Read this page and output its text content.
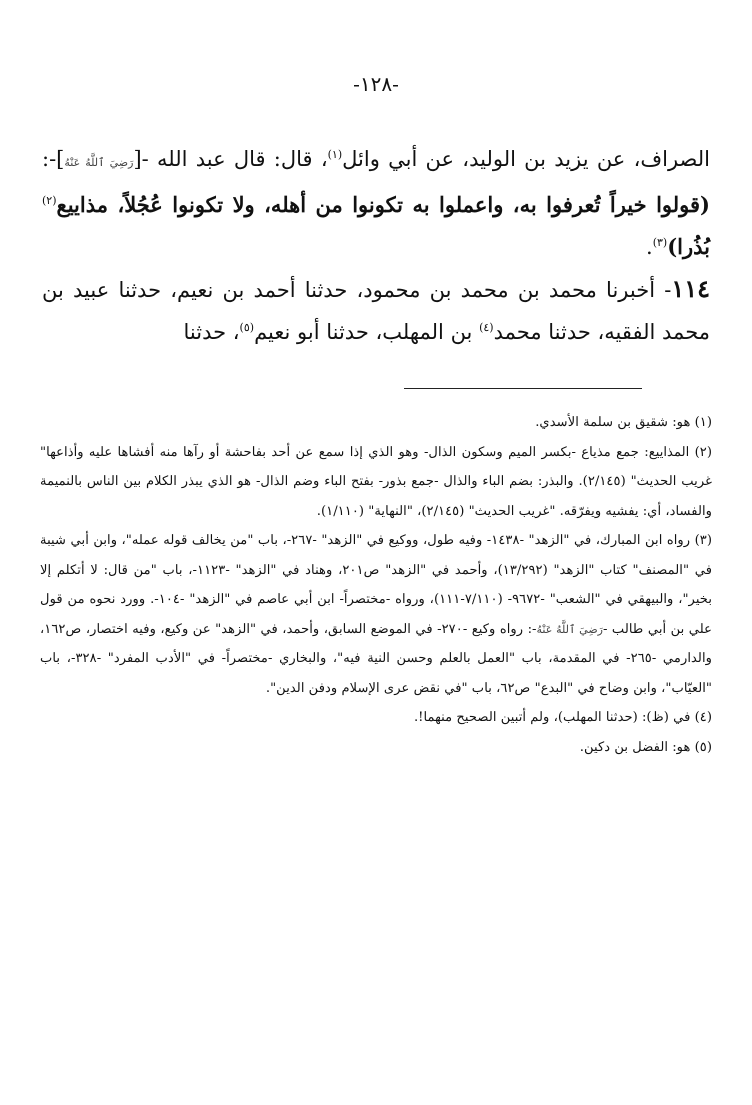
-١٢٨-

الصراف، عن يزيد بن الوليد، عن أبي وائل$^{(١)}$، قال: قال عبد الله -[رَضِيَ ٱللَّهُ عَنْهُ]-: (قولوا خيراً تُعرفوا به، واعملوا به تكونوا من أهله، ولا تكونوا عُجُلاً، مذاييع$^{(٢)}$ بُذُرا)$^{(٣)}$.

١١٤- أخبرنا محمد بن محمد بن محمود، حدثنا أحمد بن نعيم، حدثنا عبيد بن محمد الفقيه، حدثنا محمد$^{(٤)}$ بن المهلب، حدثنا أبو نعيم$^{(٥)}$، حدثنا

(١) هو: شقيق بن سلمة الأسدي.

(٢) المذاييع: جمع مذياع -بكسر الميم وسكون الذال- وهو الذي إذا سمع عن أحد بفاحشة أو رآها منه أفشاها عليه وأذاعها" غريب الحديث" (٢/١٤٥). والبذر: بضم الباء والذال -جمع بذور- بفتح الباء وضم الذال- هو الذي يبذر الكلام بين الناس بالنميمة والفساد، أي: يفشيه ويفرّقه. "غريب الحديث" (٢/١٤٥)، "النهاية" (١/١١٠).

(٣) رواه ابن المبارك، في "الزهد" -١٤٣٨- وفيه طول، ووكيع في "الزهد" -٢٦٧-، باب "من يخالف قوله عمله"، وابن أبي شيبة في "المصنف" كتاب "الزهد" (١٣/٢٩٢)، وأحمد في "الزهد" ص٢٠١، وهناد في "الزهد" -١١٢٣-، باب "من قال: لا أتكلم إلا بخير"، والبيهقي في "الشعب" -٩٦٧٢- (٧/١١٠-١١١)، ورواه -مختصراً- ابن أبي عاصم في "الزهد" -١٠٤-. وورد نحوه من قول علي بن أبي طالب -رَضِيَ ٱللَّهُ عَنْهُ-: رواه وكيع -٢٧٠- في الموضع السابق، وأحمد، في "الزهد" عن وكيع، وفيه اختصار، ص١٦٢، والدارمي -٢٦٥- في المقدمة، باب "العمل بالعلم وحسن النية فيه"، والبخاري -مختصراً- في "الأدب المفرد" -٣٢٨-، باب "العيّاب"، وابن وضاح في "البدع" ص٦٢، باب "في نقض عرى الإسلام ودفن الدين".

(٤) في (ظ): (حدثنا المهلب)، ولم أتبين الصحيح منهما!.

(٥) هو: الفضل بن دكين.
